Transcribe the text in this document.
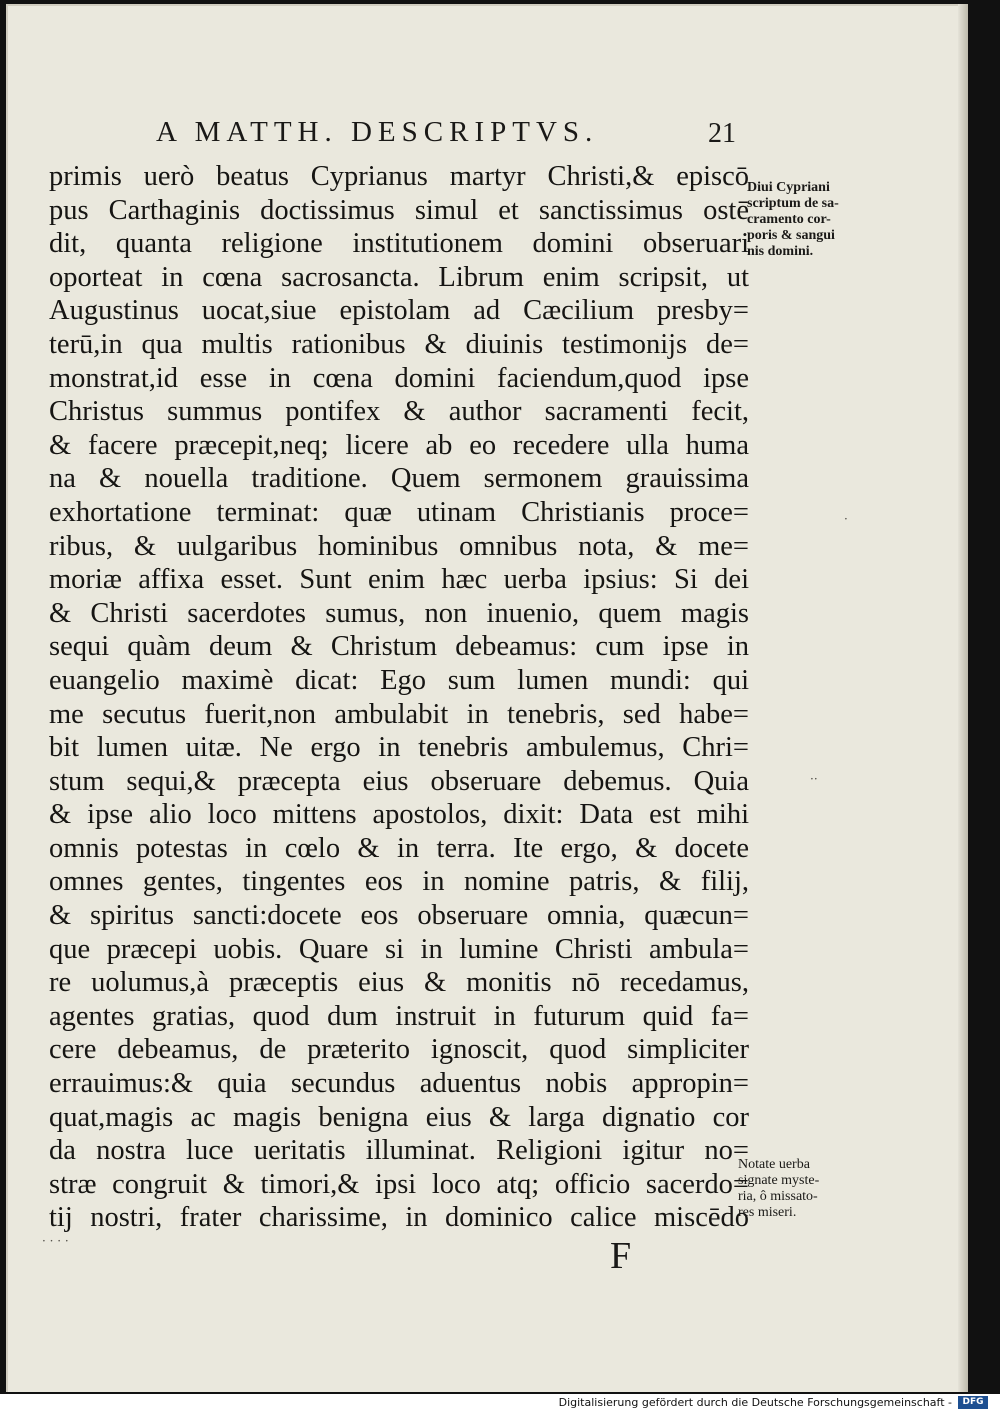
A MATTH. DESCRIPTVS.	21
primis uerò beatus Cyprianus martyr Christi,& episcō
pus Carthaginis doctissimus simul et sanctissimus ostē
dit, quanta religione institutionem domini obseruari
oporteat in cœna sacrosancta. Librum enim scripsit, ut
Augustinus uocat,siue epistolam ad Cæcilium presby=
terū,in qua multis rationibus & diuinis testimonijs de=
monstrat,id esse in cœna domini faciendum,quod ipse
Christus summus pontifex & author sacramenti fecit,
& facere præcepit,neq; licere ab eo recedere ulla huma
na & nouella traditione. Quem sermonem grauissima
exhortatione terminat: quæ utinam Christianis proce=
ribus, & uulgaribus hominibus omnibus nota, & me=
moriæ affixa esset. Sunt enim hæc uerba ipsius: Si dei
& Christi sacerdotes sumus, non inuenio, quem magis
sequi quàm deum & Christum debeamus: cum ipse in
euangelio maximè dicat: Ego sum lumen mundi: qui
me secutus fuerit,non ambulabit in tenebris, sed habe=
bit lumen uitæ. Ne ergo in tenebris ambulemus, Chri=
stum sequi,& præcepta eius obseruare debemus. Quia
& ipse alio loco mittens apostolos, dixit: Data est mihi
omnis potestas in cœlo & in terra. Ite ergo, & docete
omnes gentes, tingentes eos in nomine patris, & filij,
& spiritus sancti:docete eos obseruare omnia, quæcun=
que præcepi uobis. Quare si in lumine Christi ambula=
re uolumus,à præceptis eius & monitis nō recedamus,
agentes gratias, quod dum instruit in futurum quid fa=
cere debeamus, de præterito ignoscit, quod simpliciter
errauimus:& quia secundus aduentus nobis appropin=
quat,magis ac magis benigna eius & larga dignatio cor
da nostra luce ueritatis illuminat. Religioni igitur no=
stræ congruit & timori,& ipsi loco atq; officio sacerdo=
tij nostri, frater charissime, in dominico calice miscēdo
Diui Cypriani
scriptum de sa-
cramento cor-
poris & sangui
nis domini.
Notate uerba
signate myste-
ria, ô missato-
res miseri.
F
· · · ·
·
··
Digitalisierung gefördert durch die Deutsche Forschungsgemeinschaft -	DFG
